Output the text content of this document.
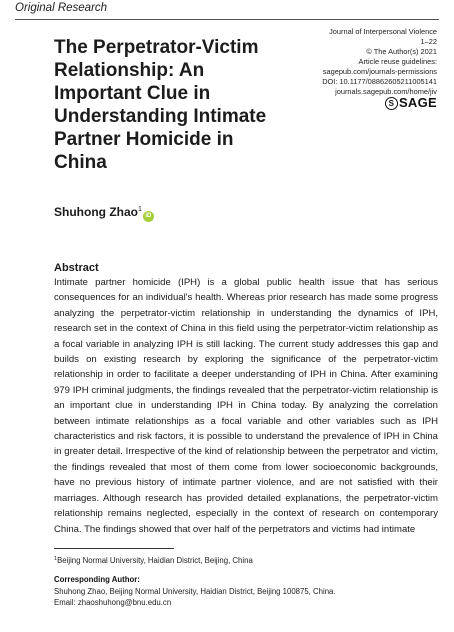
Original Research
The Perpetrator-Victim Relationship: An Important Clue in Understanding Intimate Partner Homicide in China
Journal of Interpersonal Violence
1–22
© The Author(s) 2021
Article reuse guidelines:
sagepub.com/journals-permissions
DOI: 10.1177/08862605211005141
journals.sagepub.com/home/jiv
S SAGE
Shuhong Zhao$^1$iD
Abstract
Intimate partner homicide (IPH) is a global public health issue that has serious consequences for an individual's health. Whereas prior research has made some progress analyzing the perpetrator-victim relationship in understanding the dynamics of IPH, research set in the context of China in this field using the perpetrator-victim relationship as a focal variable in analyzing IPH is still lacking. The current study addresses this gap and builds on existing research by exploring the significance of the perpetrator-victim relationship in order to facilitate a deeper understanding of IPH in China. After examining 979 IPH criminal judgments, the findings revealed that the perpetrator-victim relationship is an important clue in understanding IPH in China today. By analyzing the correlation between intimate relationships as a focal variable and other variables such as IPH characteristics and risk factors, it is possible to understand the prevalence of IPH in China in greater detail. Irrespective of the kind of relationship between the perpetrator and victim, the findings revealed that most of them come from lower socioeconomic backgrounds, have no previous history of intimate partner violence, and are not satisfied with their marriages. Although research has provided detailed explanations, the perpetrator-victim relationship remains neglected, especially in the context of research on contemporary China. The findings showed that over half of the perpetrators and victims had intimate
$^1$Beijing Normal University, Haidian District, Beijing, China
Corresponding Author:
Shuhong Zhao, Beijing Normal University, Haidian District, Beijing 100875, China.
Email: zhaoshuhong@bnu.edu.cn
